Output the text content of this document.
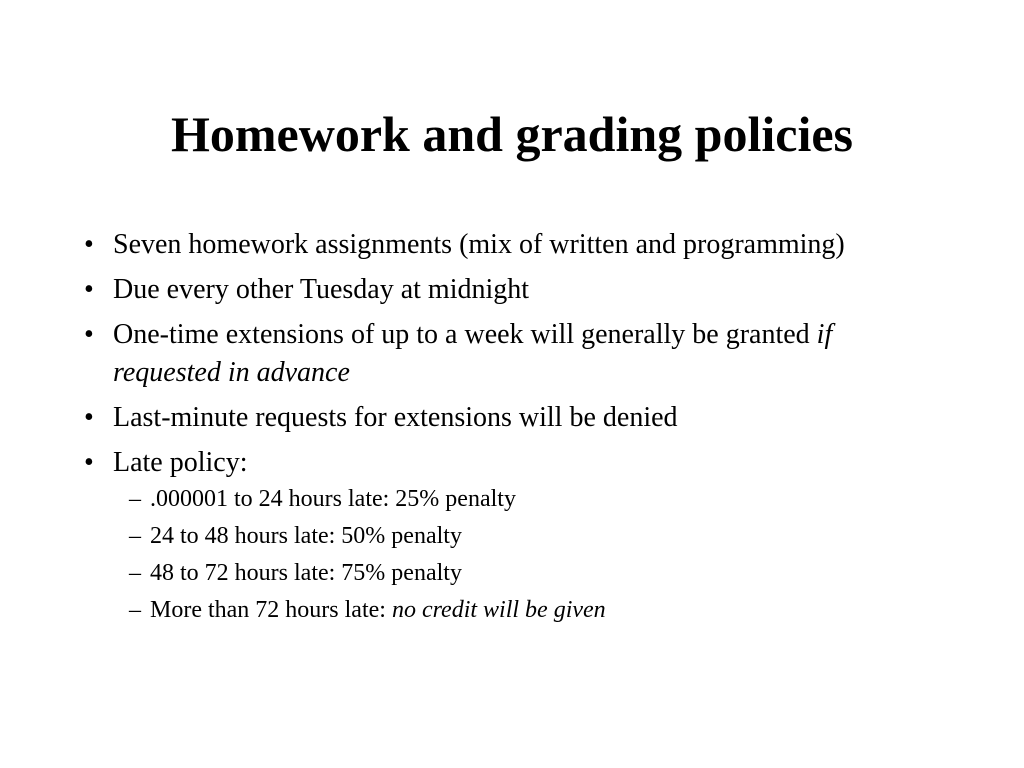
Homework and grading policies
• Seven homework assignments (mix of written and programming)
• Due every other Tuesday at midnight
• One-time extensions of up to a week will generally be granted if requested in advance
• Last-minute requests for extensions will be denied
• Late policy:
– .000001 to 24 hours late: 25% penalty
– 24 to 48 hours late: 50% penalty
– 48 to 72 hours late: 75% penalty
– More than 72 hours late: no credit will be given
